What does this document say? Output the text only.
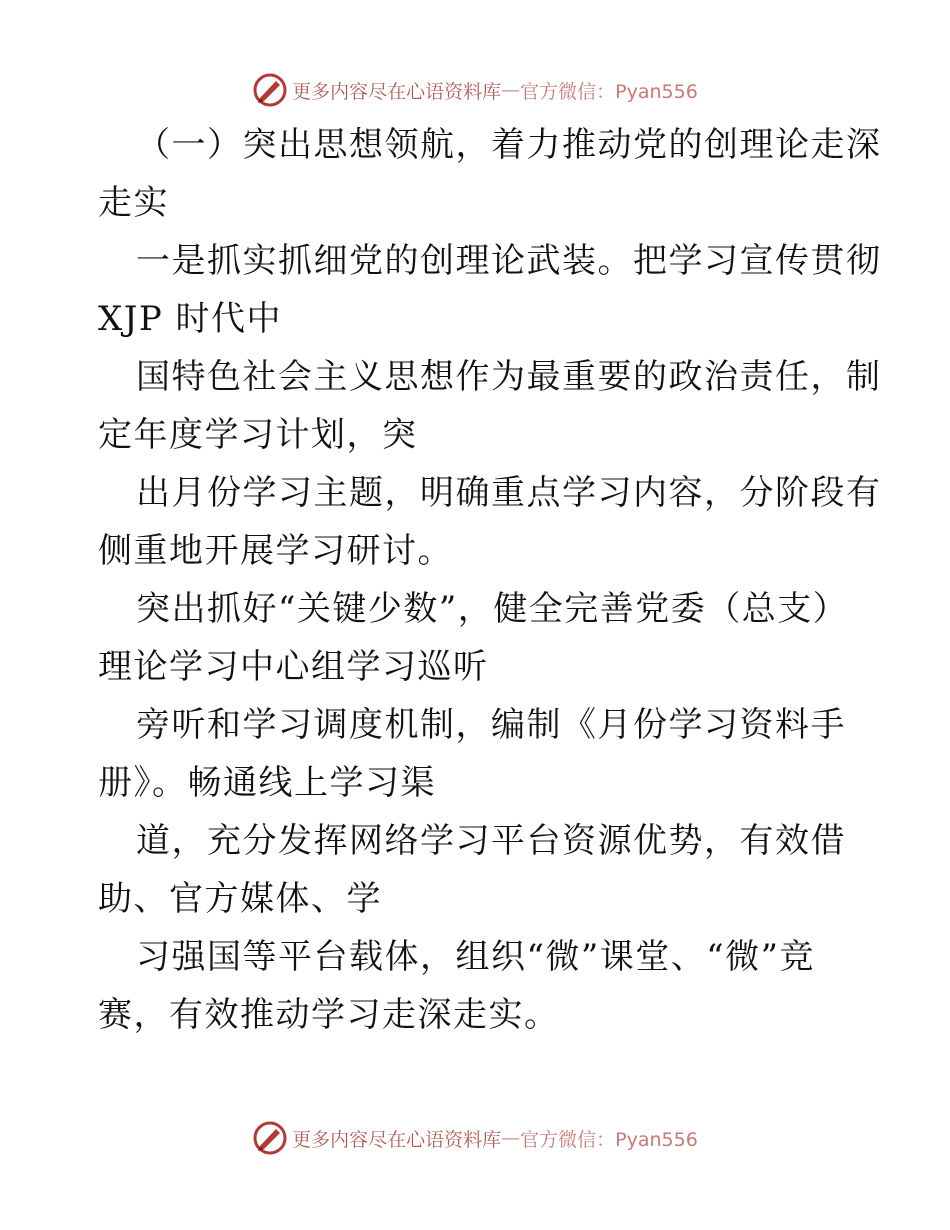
更多内容尽在心语资料库 — 官方微信：Pyan556
（一）突出思想领航，着力推动党的创理论走深
走实
一是抓实抓细党的创理论武装。把学习宣传贯彻
XJP 时代中
国特色社会主义思想作为最重要的政治责任，制
定年度学习计划，突
出月份学习主题，明确重点学习内容，分阶段有
侧重地开展学习研讨。
突出抓好“关键少数”，健全完善党委（总支）
理论学习中心组学习巡听
旁听和学习调度机制，编制《月份学习资料手
册》。畅通线上学习渠
道，充分发挥网络学习平台资源优势，有效借
助、官方媒体、学
习强国等平台载体，组织“微”课堂、“微”竞
赛，有效推动学习走深走实。
更多内容尽在心语资料库 — 官方微信：Pyan556
